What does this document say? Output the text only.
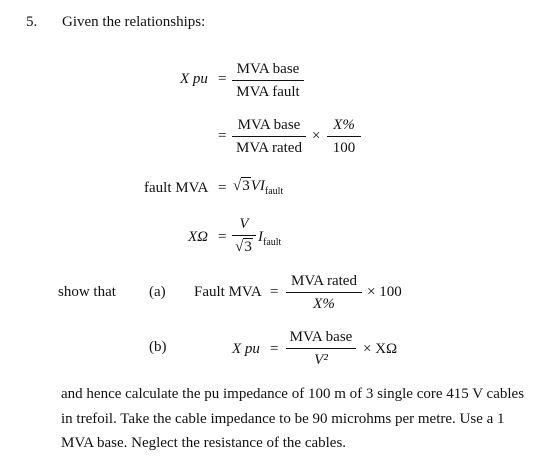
5. Given the relationships:
X pu =
MVA base
MVA fault
=
MVA base
MVA rated
× $\frac{X\%}{100}$
fault MVA = $√3VI_{fault}$
$X\Omega = \frac{V}{√3} I_{fault}$
show that (a) Fault MVA =
MVA rated
X%
× 100
(b)	X pu =
MVA base
V²
× XΩ
and hence calculate the pu impedance of 100 m of 3 single core 415 V cables in trefoil. Take the cable impedance to be 90 microhms per metre. Use a 1 MVA base. Neglect the resistance of the cables.
